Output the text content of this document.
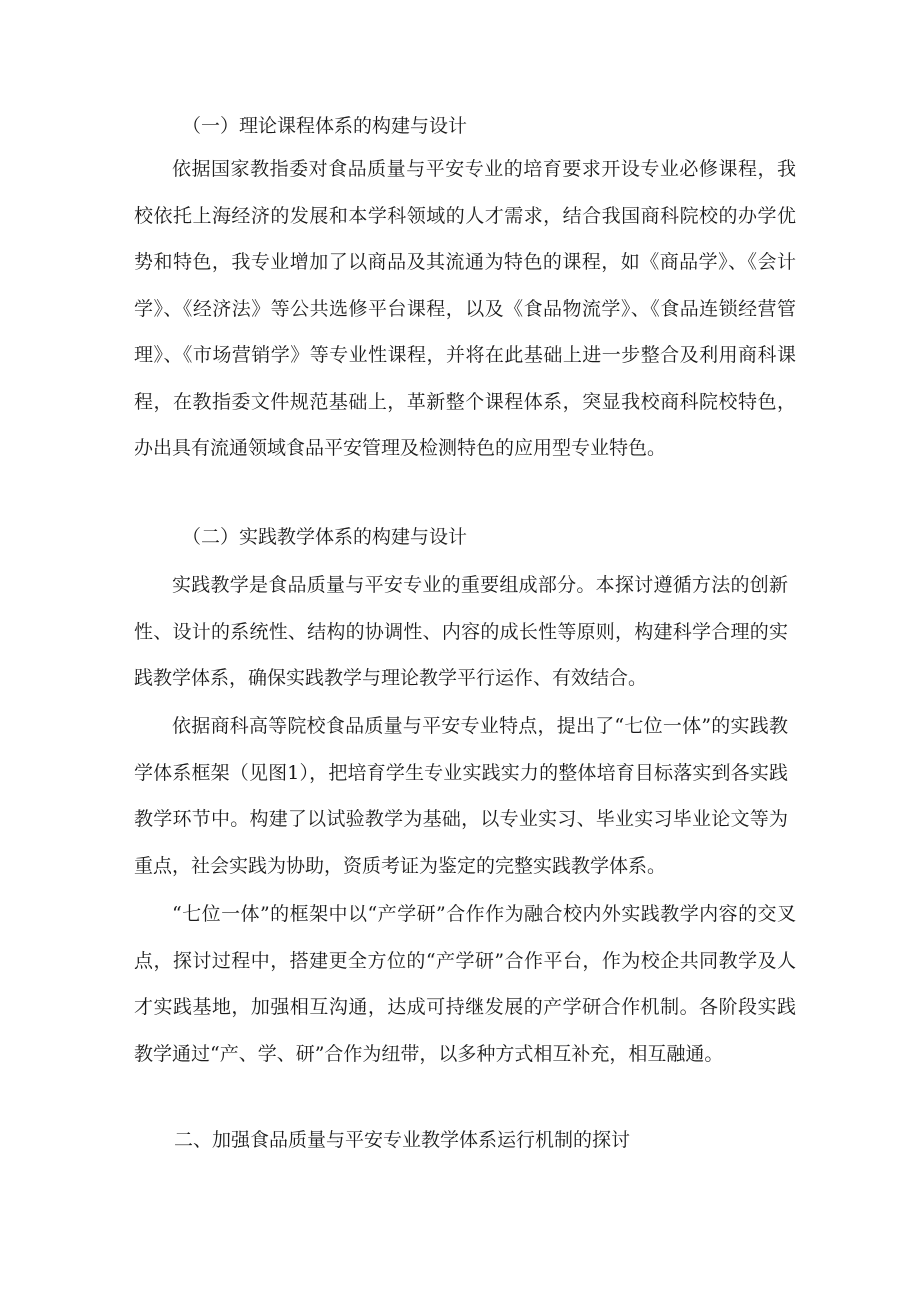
（一）理论课程体系的构建与设计

依据国家教指委对食品质量与平安专业的培育要求开设专业必修课程，我校依托上海经济的发展和本学科领域的人才需求，结合我国商科院校的办学优势和特色，我专业增加了以商品及其流通为特色的课程，如《商品学》、《会计学》、《经济法》等公共选修平台课程，以及《食品物流学》、《食品连锁经营管理》、《市场营销学》等专业性课程，并将在此基础上进一步整合及利用商科课程，在教指委文件规范基础上，革新整个课程体系，突显我校商科院校特色，办出具有流通领域食品平安管理及检测特色的应用型专业特色。

（二）实践教学体系的构建与设计

实践教学是食品质量与平安专业的重要组成部分。本探讨遵循方法的创新性、设计的系统性、结构的协调性、内容的成长性等原则，构建科学合理的实践教学体系，确保实践教学与理论教学平行运作、有效结合。

依据商科高等院校食品质量与平安专业特点，提出了“七位一体”的实践教学体系框架（见图1），把培育学生专业实践实力的整体培育目标落实到各实践教学环节中。构建了以试验教学为基础，以专业实习、毕业实习毕业论文等为重点，社会实践为协助，资质考证为鉴定的完整实践教学体系。

“七位一体”的框架中以“产学研”合作作为融合校内外实践教学内容的交叉点，探讨过程中，搭建更全方位的“产学研”合作平台，作为校企共同教学及人才实践基地，加强相互沟通，达成可持继发展的产学研合作机制。各阶段实践教学通过“产、学、研”合作为纽带，以多种方式相互补充，相互融通。

二、加强食品质量与平安专业教学体系运行机制的探讨
